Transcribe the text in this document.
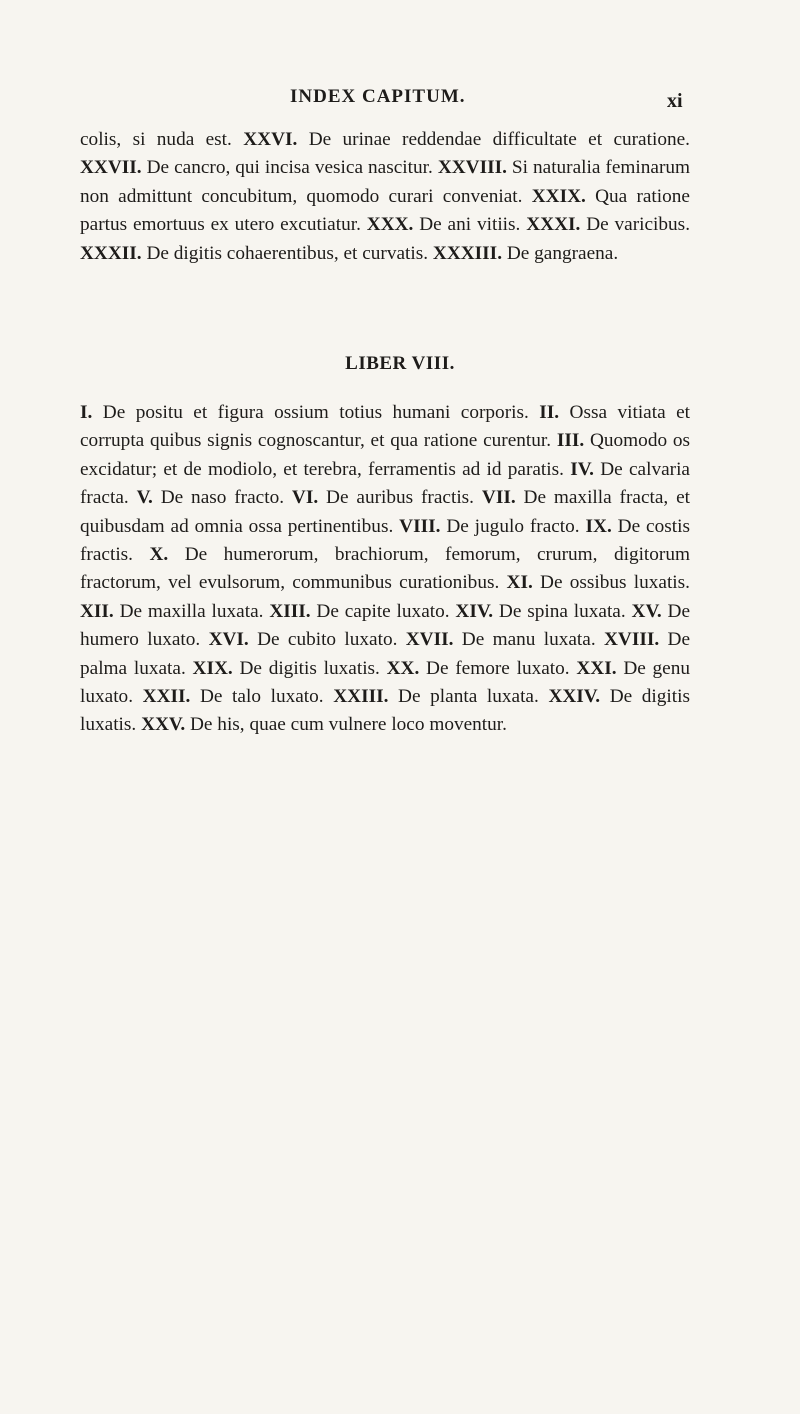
INDEX CAPITUM.	xi
colis, si nuda est. XXVI. De urinae reddendae difficultate et curatione. XXVII. De cancro, qui incisa vesica nascitur. XXVIII. Si naturalia feminarum non admittunt concubitum, quomodo curari conveniat. XXIX. Qua ratione partus emortuus ex utero excutiatur. XXX. De ani vitiis. XXXI. De varicibus. XXXII. De digitis cohaerentibus, et curvatis. XXXIII. De gangraena.
LIBER VIII.
I. De positu et figura ossium totius humani corporis. II. Ossa vitiata et corrupta quibus signis cognoscantur, et qua ratione curentur. III. Quomodo os excidatur; et de modiolo, et terebra, ferramentis ad id paratis. IV. De calvaria fracta. V. De naso fracto. VI. De auribus fractis. VII. De maxilla fracta, et quibusdam ad omnia ossa pertinentibus. VIII. De jugulo fracto. IX. De costis fractis. X. De humerorum, brachiorum, femorum, crurum, digitorum fractorum, vel evulsorum, communibus curationibus. XI. De ossibus luxatis. XII. De maxilla luxata. XIII. De capite luxato. XIV. De spina luxata. XV. De humero luxato. XVI. De cubito luxato. XVII. De manu luxata. XVIII. De palma luxata. XIX. De digitis luxatis. XX. De femore luxato. XXI. De genu luxato. XXII. De talo luxato. XXIII. De planta luxata. XXIV. De digitis luxatis. XXV. De his, quae cum vulnere loco moventur.
